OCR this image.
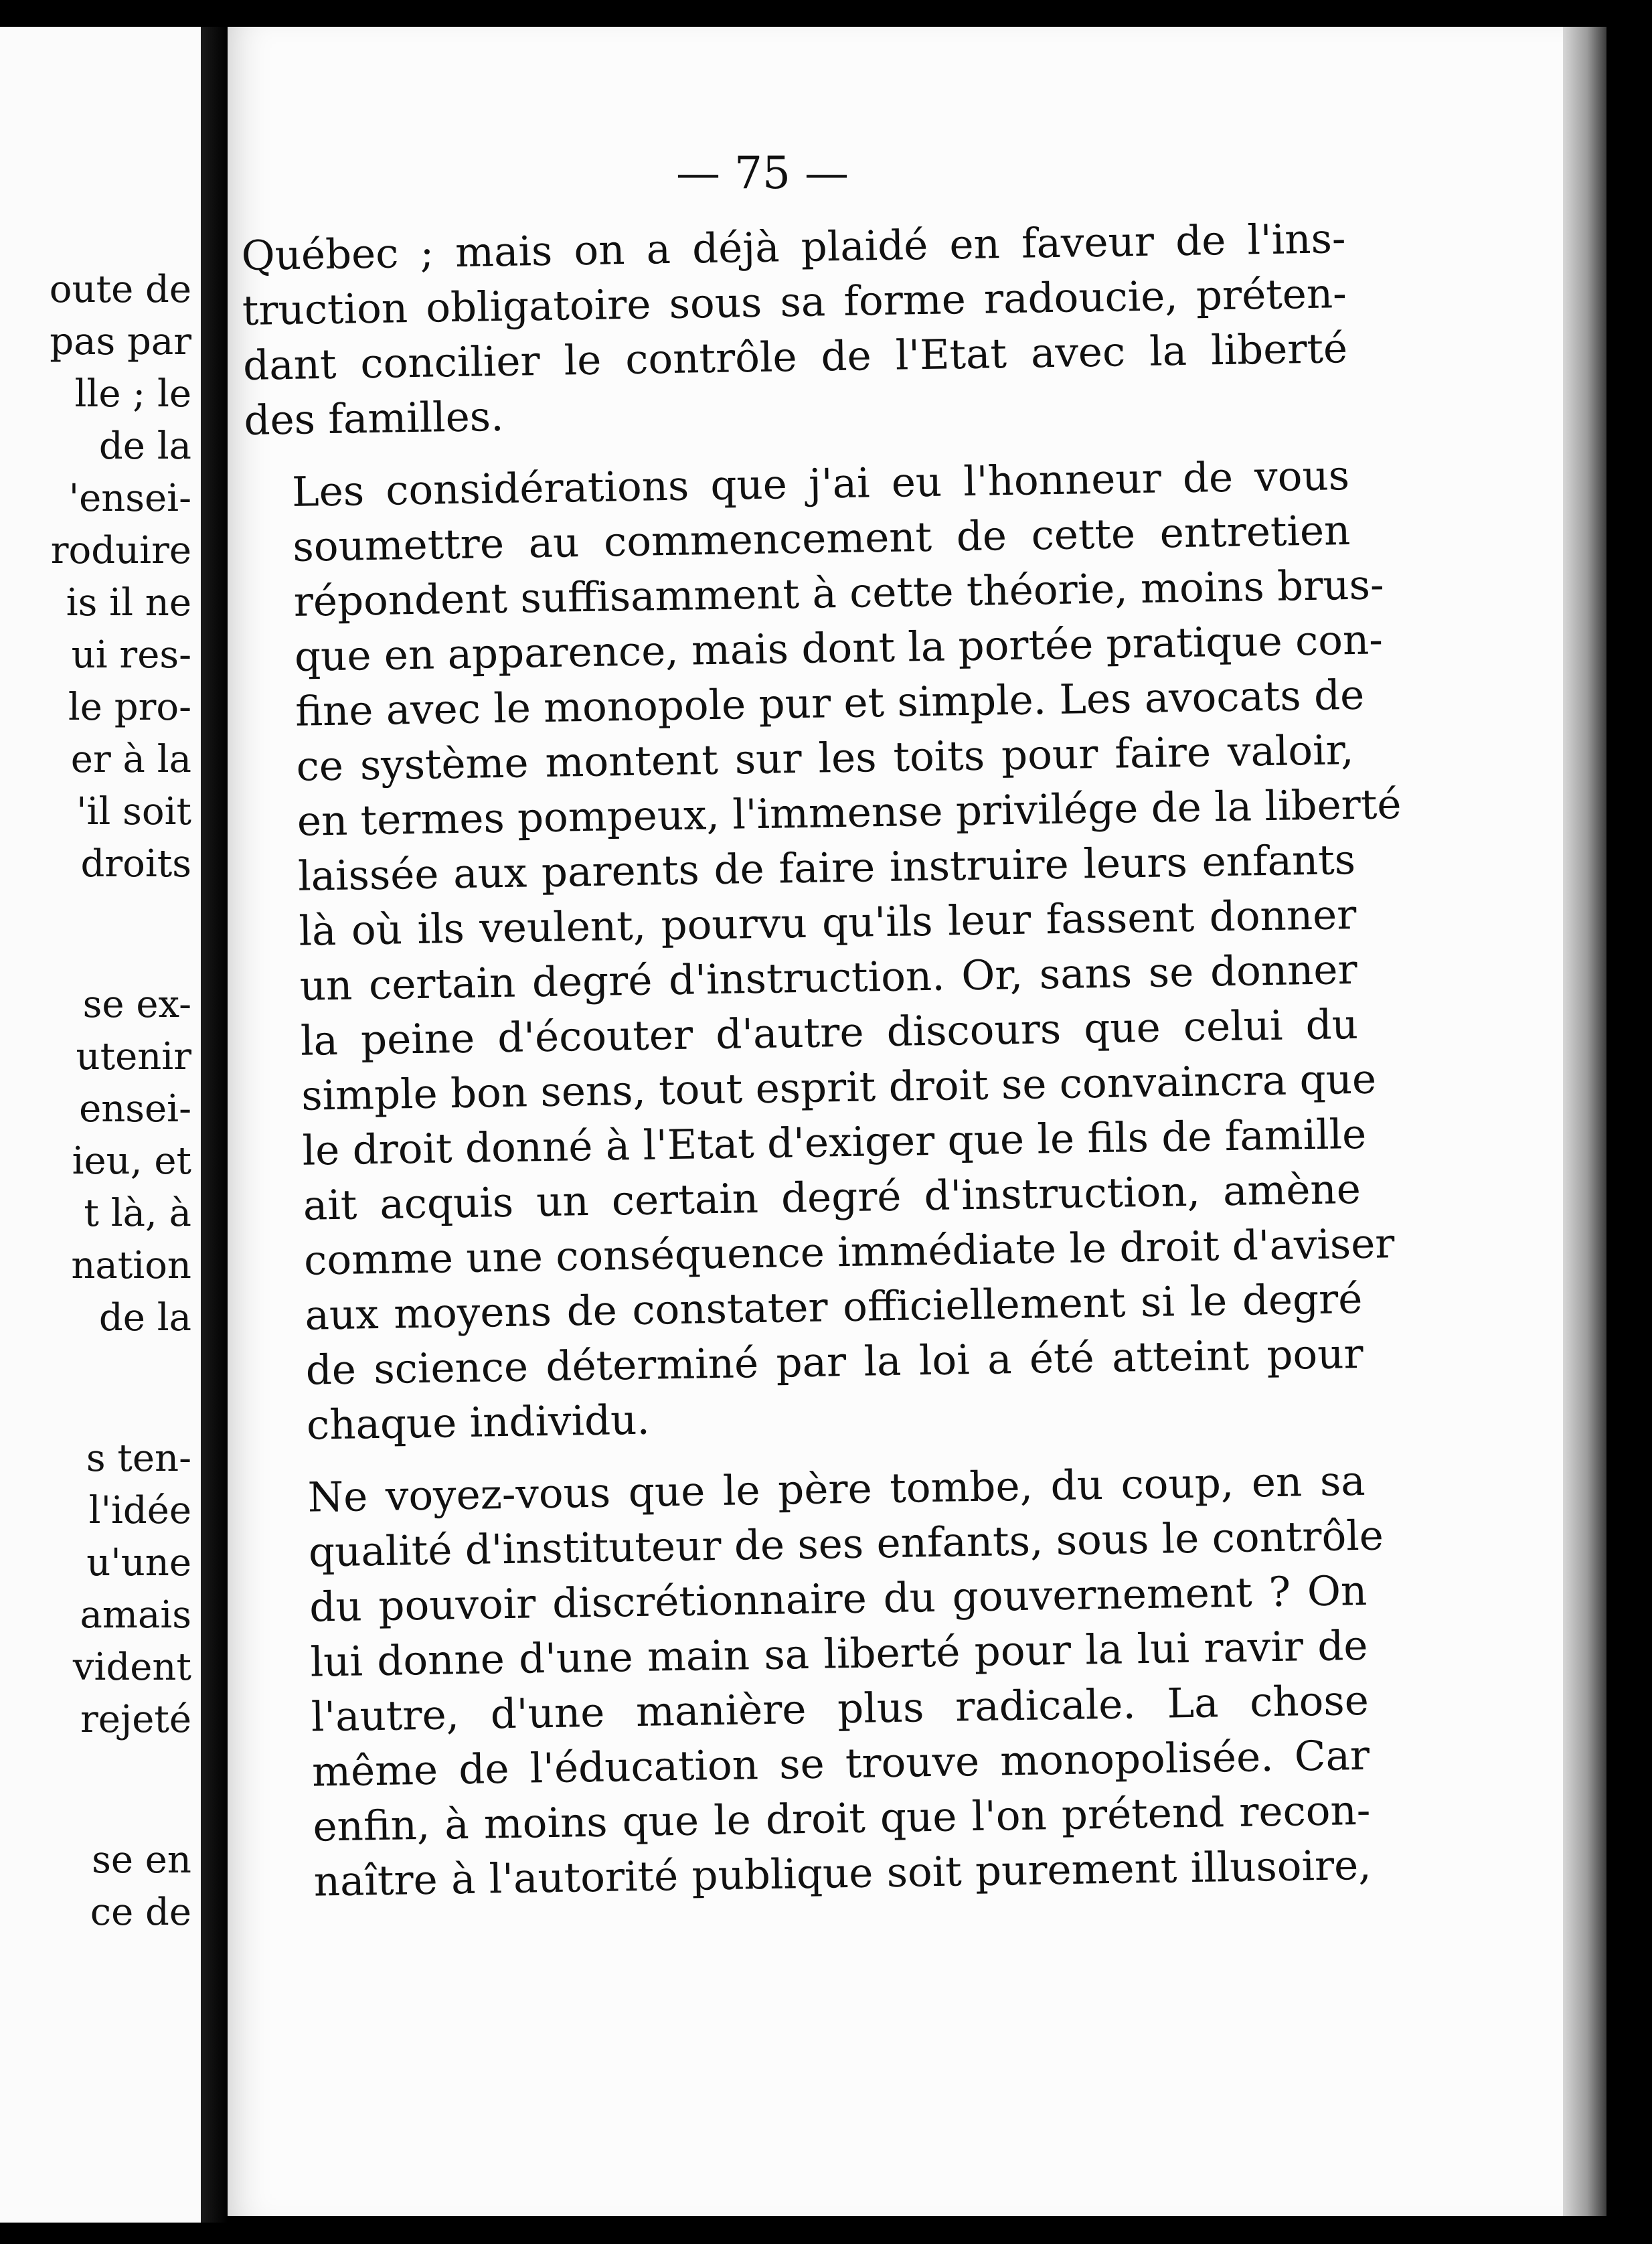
oute de

pas par

lle ; le

de la

'ensei-

roduire

is il ne

ui res-

le pro-

er à la

'il soit

droits

se ex-

utenir

ensei-

ieu, et

t là, à

nation

de la

s ten-

l'idée

u'une

amais

vident

rejeté

se en

ce de

— 75 —

Québec ; mais on a déjà plaidé en faveur de l'ins-
truction obligatoire sous sa forme radoucie, préten-
dant concilier le contrôle de l'Etat avec la liberté
des familles.

Les considérations que j'ai eu l'honneur de vous
soumettre au commencement de cette entretien
répondent suffisamment à cette théorie, moins brus-
que en apparence, mais dont la portée pratique con-
fine avec le monopole pur et simple. Les avocats de
ce système montent sur les toits pour faire valoir,
en termes pompeux, l'immense privilége de la liberté
laissée aux parents de faire instruire leurs enfants
là où ils veulent, pourvu qu'ils leur fassent donner
un certain degré d'instruction. Or, sans se donner
la peine d'écouter d'autre discours que celui du
simple bon sens, tout esprit droit se convaincra que
le droit donné à l'Etat d'exiger que le fils de famille
ait acquis un certain degré d'instruction, amène
comme une conséquence immédiate le droit d'aviser
aux moyens de constater officiellement si le degré
de science déterminé par la loi a été atteint pour
chaque individu.

Ne voyez-vous que le père tombe, du coup, en sa
qualité d'instituteur de ses enfants, sous le contrôle
du pouvoir discrétionnaire du gouvernement ? On
lui donne d'une main sa liberté pour la lui ravir de
l'autre, d'une manière plus radicale. La chose
même de l'éducation se trouve monopolisée. Car
enfin, à moins que le droit que l'on prétend recon-
naître à l'autorité publique soit purement illusoire,
